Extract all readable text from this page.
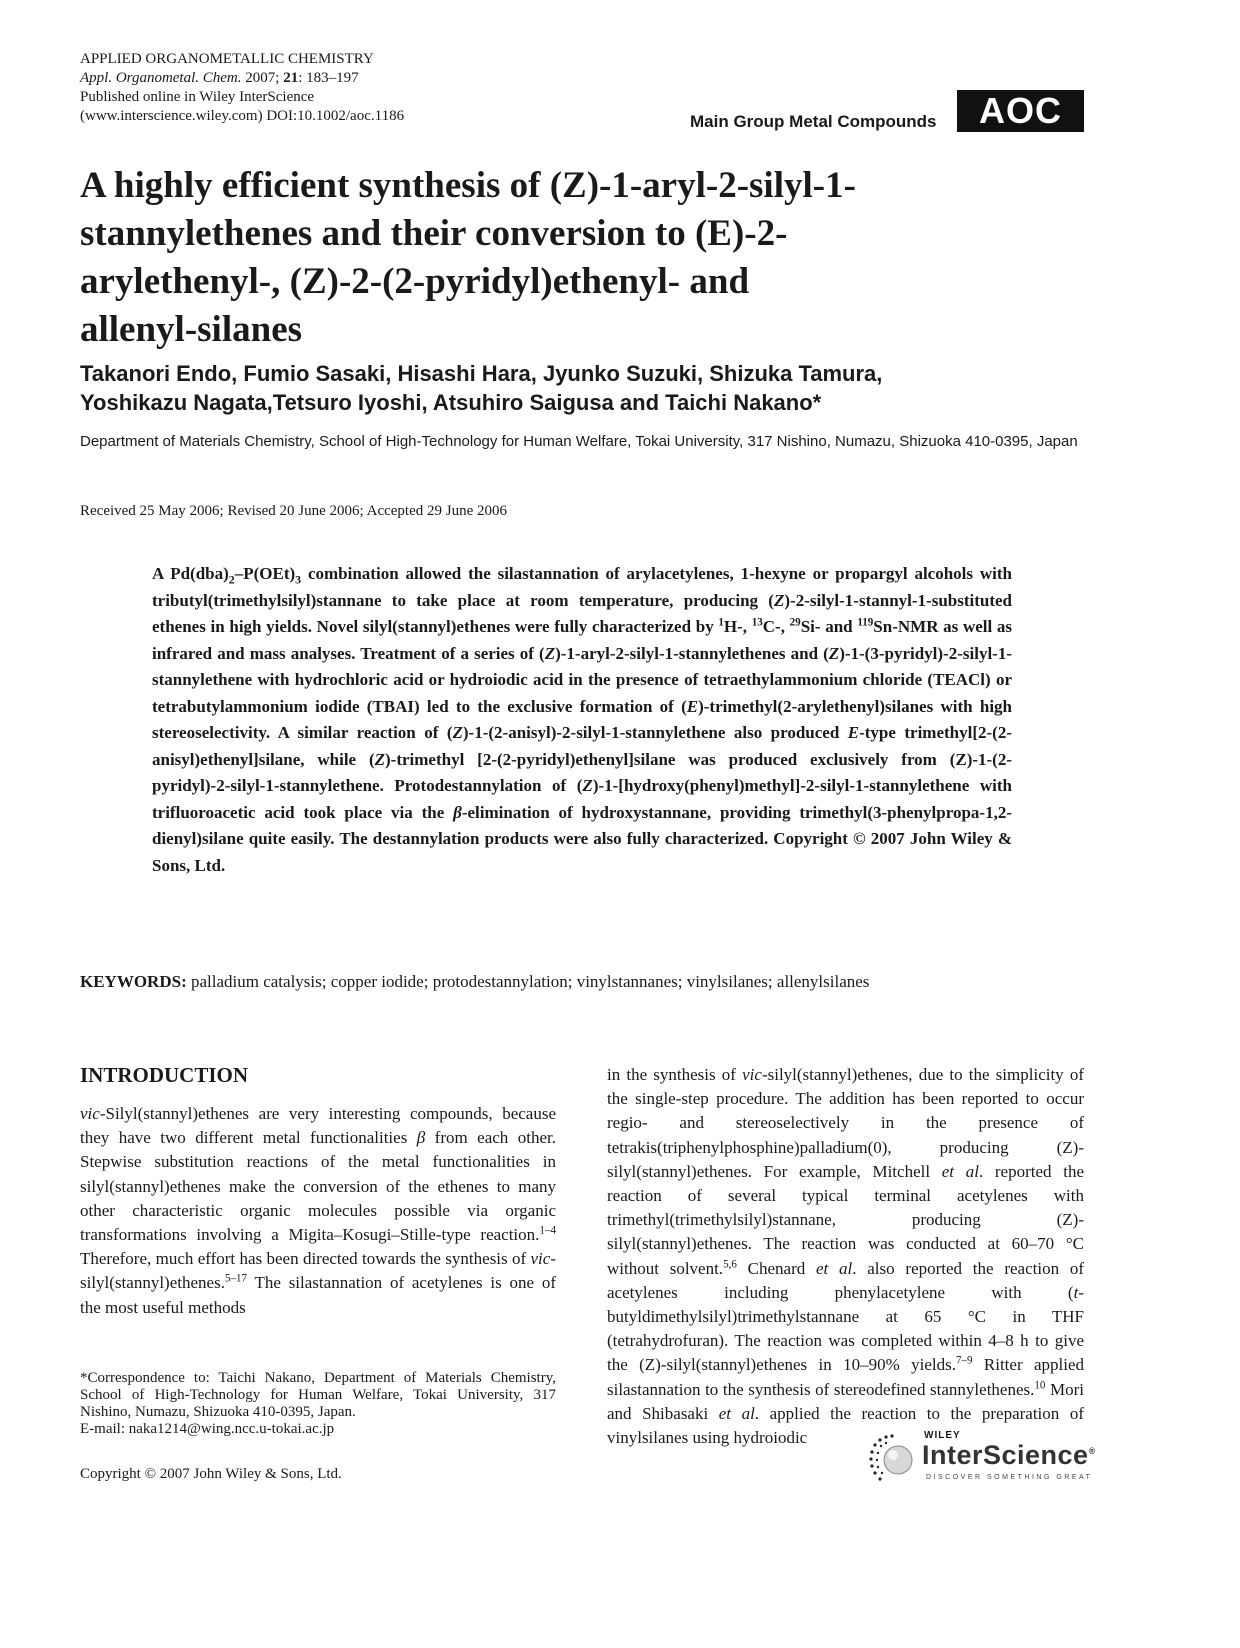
APPLIED ORGANOMETALLIC CHEMISTRY

Appl. Organometal. Chem. 2007; 21: 183–197

Published online in Wiley InterScience

(www.interscience.wiley.com) DOI:10.1002/aoc.1186	Main Group Metal Compounds	AOC

A highly efficient synthesis of (Z)-1-aryl-2-silyl-1-

stannylethenes and their conversion to (E)-2-

arylethenyl-, (Z)-2-(2-pyridyl)ethenyl- and

allenyl-silanes

Takanori Endo, Fumio Sasaki, Hisashi Hara, Jyunko Suzuki, Shizuka Tamura,

Yoshikazu Nagata,Tetsuro Iyoshi, Atsuhiro Saigusa and Taichi Nakano*

Department of Materials Chemistry, School of High-Technology for Human Welfare, Tokai University, 317 Nishino, Numazu, Shizuoka 410-0395, Japan

Received 25 May 2006; Revised 20 June 2006; Accepted 29 June 2006

A $Pd(dba)_2-P(OEt)_3$ combination allowed the silastannation of arylacetylenes, 1-hexyne or propargyl alcohols with tributyl(trimethylsilyl)stannane to take place at room temperature, producing (Z)-2-silyl-1-stannyl-1-substituted ethenes in high yields. Novel silyl(stannyl)ethenes were fully characterized by $^1$H-, $^{13}$C-, $^{29}$Si- and $^{119}$Sn-NMR as well as infrared and mass analyses. Treatment of a series of (Z)-1-aryl-2-silyl-1-stannylethenes and (Z)-1-(3-pyridyl)-2-silyl-1-stannylethene with hydrochloric acid or hydroiodic acid in the presence of tetraethylammonium chloride (TEACl) or tetrabutylammonium iodide (TBAI) led to the exclusive formation of (E)-trimethyl(2-arylethenyl)silanes with high stereoselectivity. A similar reaction of (Z)-1-(2-anisyl)-2-silyl-1-stannylethene also produced E-type trimethyl[2-(2-anisyl)ethenyl]silane, while (Z)-trimethyl [2-(2-pyridyl)ethenyl]silane was produced exclusively from (Z)-1-(2-pyridyl)-2-silyl-1-stannylethene. Protodestannylation of (Z)-1-[hydroxy(phenyl)methyl]-2-silyl-1-stannylethene with trifluoroacetic acid took place via the β-elimination of hydroxystannane, providing trimethyl(3-phenylpropa-1,2-dienyl)silane quite easily. The destannylation products were also fully characterized. Copyright © 2007 John Wiley & Sons, Ltd.

KEYWORDS: palladium catalysis; copper iodide; protodestannylation; vinylstannanes; vinylsilanes; allenylsilanes
INTRODUCTION

vic-Silyl(stannyl)ethenes are very interesting compounds, because they have two different metal functionalities β from each other. Stepwise substitution reactions of the metal functionalities in silyl(stannyl)ethenes make the conversion of the ethenes to many other characteristic organic molecules possible via organic transformations involving a Migita–Kosugi–Stille-type reaction.$^{1-4}$ Therefore, much effort has been directed towards the synthesis of vic-silyl(stannyl)ethenes.$^{5-17}$ The silastannation of acetylenes is one of the most useful methods

*Correspondence to: Taichi Nakano, Department of Materials Chemistry, School of High-Technology for Human Welfare, Tokai University, 317 Nishino, Numazu, Shizuoka 410-0395, Japan.

E-mail: naka1214@wing.ncc.u-tokai.ac.jp

in the synthesis of vic-silyl(stannyl)ethenes, due to the simplicity of the single-step procedure. The addition has been reported to occur regio- and stereoselectively in the presence of tetrakis(triphenylphosphine)palladium(0), producing (Z)-silyl(stannyl)ethenes. For example, Mitchell et al. reported the reaction of several typical terminal acetylenes with trimethyl(trimethylsilyl)stannane, producing (Z)-silyl(stannyl)ethenes. The reaction was conducted at 60–70 °C without solvent.$^{5,6}$ Chenard et al. also reported the reaction of acetylenes including phenylacetylene with (t-butyldimethylsilyl)trimethylstannane at 65 °C in THF (tetrahydrofuran). The reaction was completed within 4–8 h to give the (Z)-silyl(stannyl)ethenes in 10–90% yields.$^{7-9}$ Ritter applied silastannation to the synthesis of stereodefined stannylethenes.$^{10}$ Mori and Shibasaki et al. applied the reaction to the preparation of vinylsilanes using hydroiodic

Copyright © 2007 John Wiley & Sons, Ltd.
WILEY
InterScience®
DISCOVER SOMETHING GREAT
